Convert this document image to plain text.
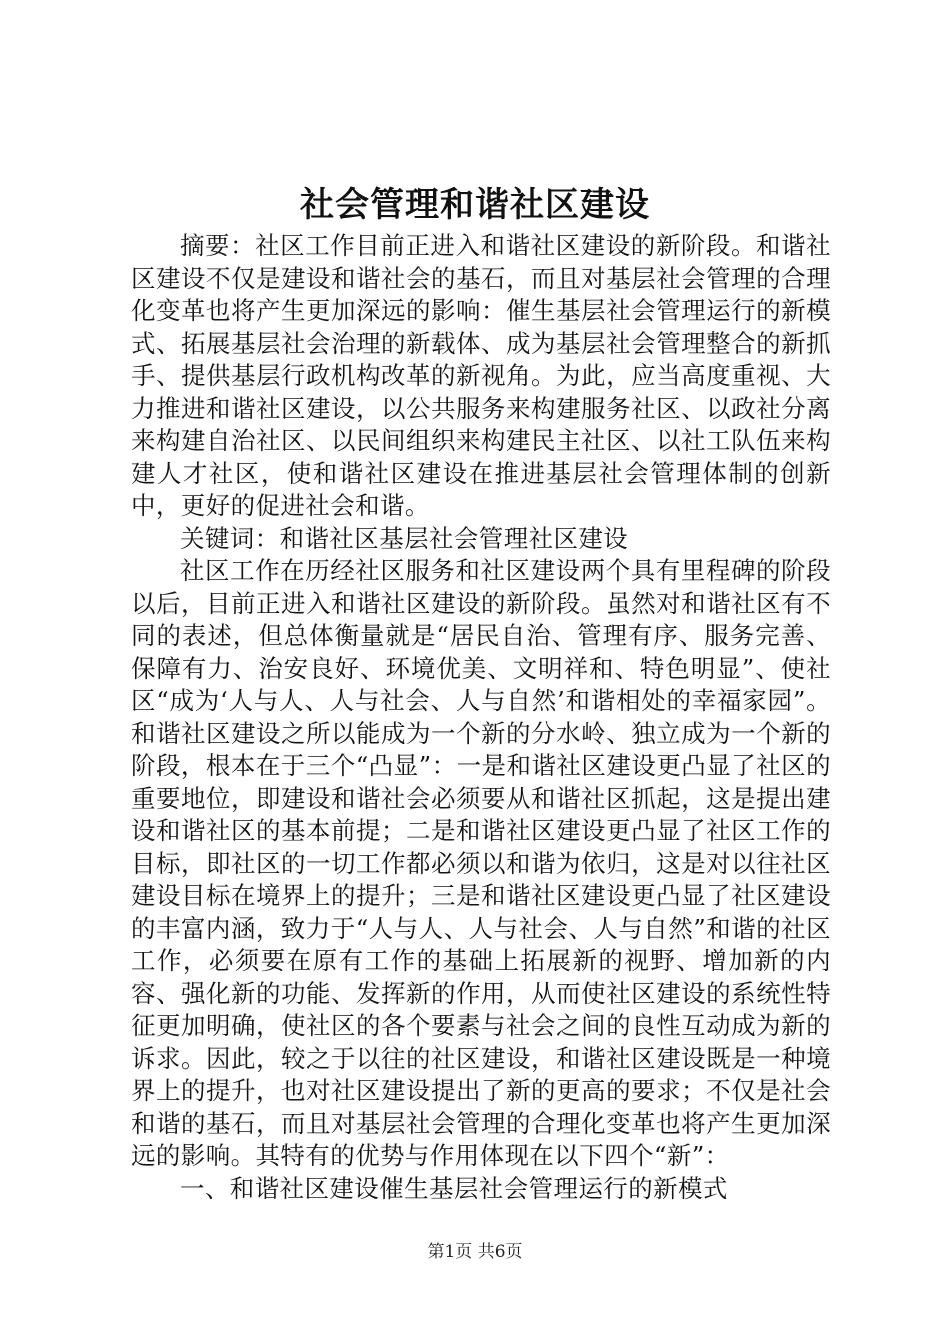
社会管理和谐社区建设

摘要：社区工作目前正进入和谐社区建设的新阶段。和谐社区建设不仅是建设和谐社会的基石，而且对基层社会管理的合理化变革也将产生更加深远的影响：催生基层社会管理运行的新模式、拓展基层社会治理的新载体、成为基层社会管理整合的新抓手、提供基层行政机构改革的新视角。为此，应当高度重视、大力推进和谐社区建设，以公共服务来构建服务社区、以政社分离来构建自治社区、以民间组织来构建民主社区、以社工队伍来构建人才社区，使和谐社区建设在推进基层社会管理体制的创新中，更好的促进社会和谐。

关键词：和谐社区基层社会管理社区建设

社区工作在历经社区服务和社区建设两个具有里程碑的阶段以后，目前正进入和谐社区建设的新阶段。虽然对和谐社区有不同的表述，但总体衡量就是“居民自治、管理有序、服务完善、保障有力、治安良好、环境优美、文明祥和、特色明显”、使社区“成为‘人与人、人与社会、人与自然’和谐相处的幸福家园”。和谐社区建设之所以能成为一个新的分水岭、独立成为一个新的阶段，根本在于三个“凸显”：一是和谐社区建设更凸显了社区的重要地位，即建设和谐社会必须要从和谐社区抓起，这是提出建设和谐社区的基本前提；二是和谐社区建设更凸显了社区工作的目标，即社区的一切工作都必须以和谐为依归，这是对以往社区建设目标在境界上的提升；三是和谐社区建设更凸显了社区建设的丰富内涵，致力于“人与人、人与社会、人与自然”和谐的社区工作，必须要在原有工作的基础上拓展新的视野、增加新的内容、强化新的功能、发挥新的作用，从而使社区建设的系统性特征更加明确，使社区的各个要素与社会之间的良性互动成为新的诉求。因此，较之于以往的社区建设，和谐社区建设既是一种境界上的提升，也对社区建设提出了新的更高的要求；不仅是社会和谐的基石，而且对基层社会管理的合理化变革也将产生更加深远的影响。其特有的优势与作用体现在以下四个“新”：

一、和谐社区建设催生基层社会管理运行的新模式

第1页 共6页
